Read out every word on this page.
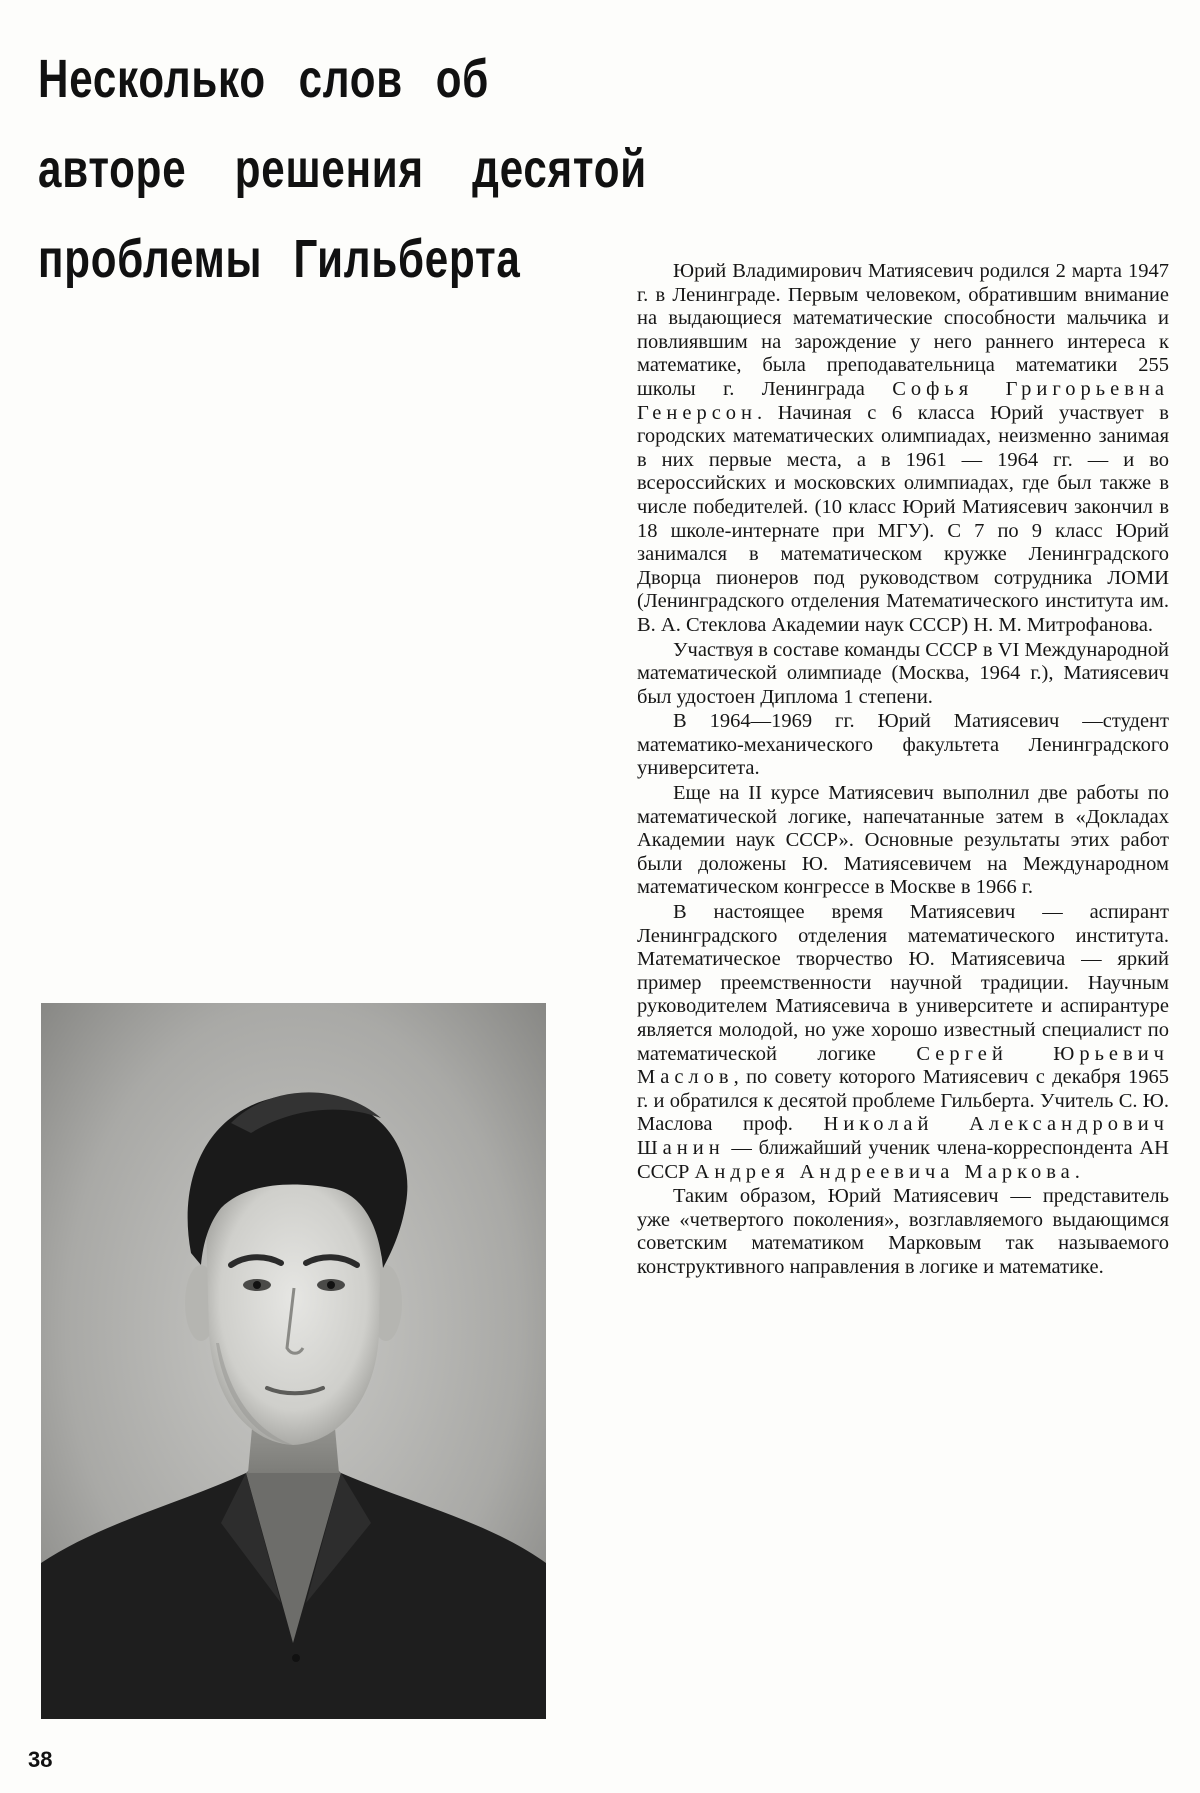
Несколько слов об
авторе решения десятой
проблемы Гильберта	Юрий Владимирович Матиясевич родился 2 марта 1947 г. в Ленинграде. Первым человеком, обратившим внимание на выдающиеся математические способности мальчика и повлиявшим на зарождение у него раннего интереса к математике, была преподавательница математики 255 школы г. Ленинграда Софья Григорьевна Генерсон. Начиная с 6 класса Юрий участвует в городских математических олимпиадах, неизменно занимая в них первые места, а в 1961 — 1964 гг. — и во всероссийских и московских олимпиадах, где был также в числе победителей. (10 класс Юрий Матиясевич закончил в 18 школе-интернате при МГУ). С 7 по 9 класс Юрий занимался в математическом кружке Ленинградского Дворца пионеров под руководством сотрудника ЛОМИ (Ленинградского отделения Математического института им. В. А. Стеклова Академии наук СССР) Н. М. Митрофанова.

Участвуя в составе команды СССР в VI Международной математической олимпиаде (Москва, 1964 г.), Матиясевич был удостоен Диплома 1 степени.

В 1964—1969 гг. Юрий Матиясевич —студент математико-механического факультета Ленинградского университета.

Еще на II курсе Матиясевич выполнил две работы по математической логике, напечатанные затем в «Докладах Академии наук СССР». Основные результаты этих работ были доложены Ю. Матиясевичем на Международном математическом конгрессе в Москве в 1966 г.

В настоящее время Матиясевич — аспирант Ленинградского отделения математического института. Математическое творчество Ю. Матиясевича — яркий пример преемственности научной традиции. Научным руководителем Матиясевича в университете и аспирантуре является молодой, но уже хорошо известный специалист по математической логике Сергей Юрьевич Маслов, по совету которого Матиясевич с декабря 1965 г. и обратился к десятой проблеме Гильберта. Учитель С. Ю. Маслова проф. Николай Александрович Шанин — ближайший ученик члена-корреспондента АН СССР Андрея Андреевича Маркова.

Таким образом, Юрий Матиясевич — представитель уже «четвертого поколения», возглавляемого выдающимся советским математиком Марковым так называемого конструктивного направления в логике и математике.

38
